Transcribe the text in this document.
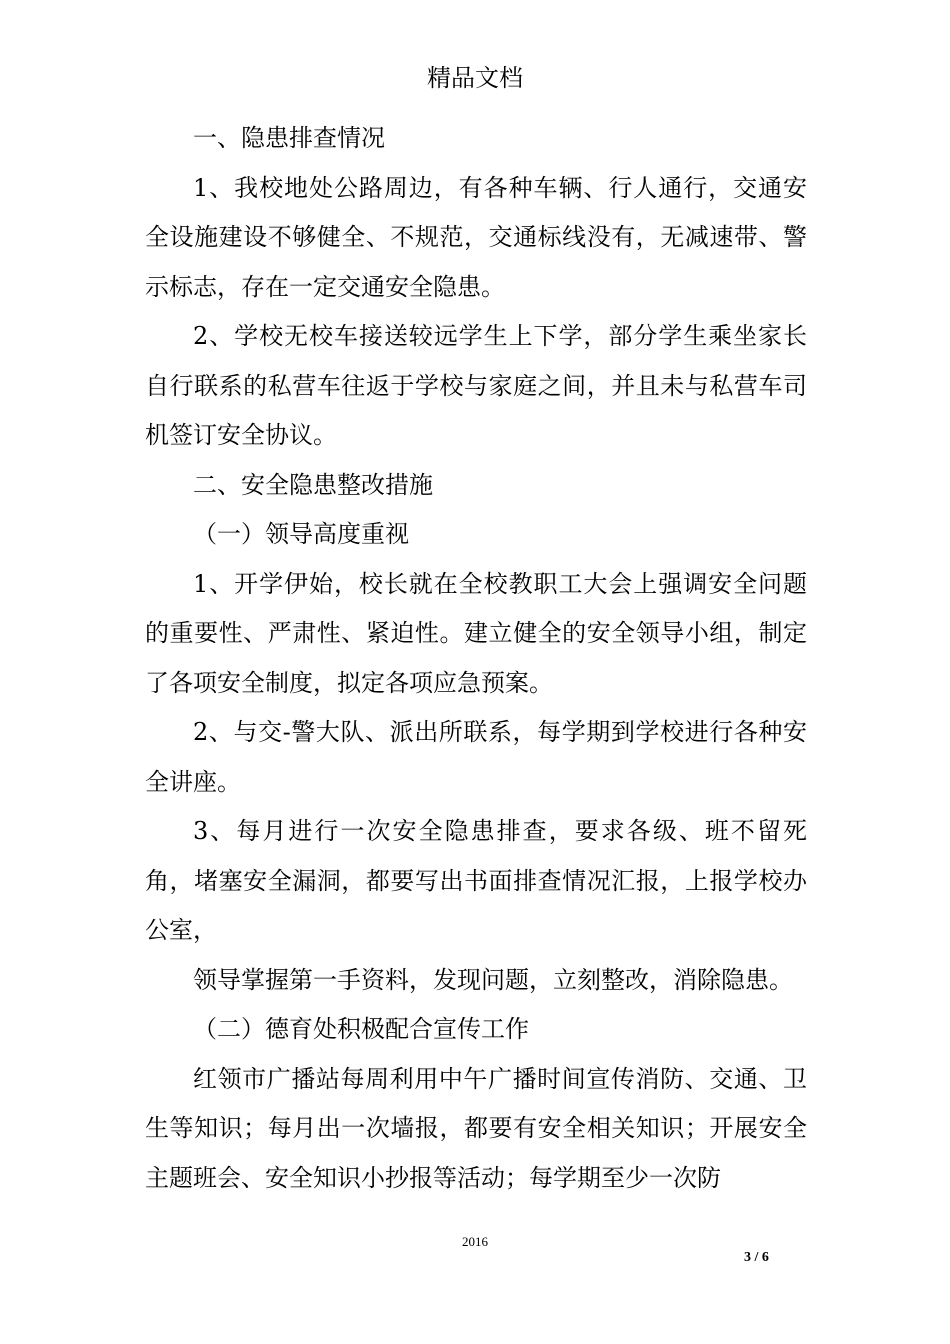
精品文档

一、隐患排查情况

1、我校地处公路周边，有各种车辆、行人通行，交通安全设施建设不够健全、不规范，交通标线没有，无减速带、警示标志，存在一定交通安全隐患。

2、学校无校车接送较远学生上下学，部分学生乘坐家长自行联系的私营车往返于学校与家庭之间，并且未与私营车司机签订安全协议。

二、安全隐患整改措施

（一）领导高度重视

1、开学伊始，校长就在全校教职工大会上强调安全问题的重要性、严肃性、紧迫性。建立健全的安全领导小组，制定了各项安全制度，拟定各项应急预案。

2、与交-警大队、派出所联系，每学期到学校进行各种安全讲座。

3、每月进行一次安全隐患排查，要求各级、班不留死角，堵塞安全漏洞，都要写出书面排查情况汇报，上报学校办公室，

领导掌握第一手资料，发现问题，立刻整改，消除隐患。

（二）德育处积极配合宣传工作

红领市广播站每周利用中午广播时间宣传消防、交通、卫生等知识；每月出一次墙报，都要有安全相关知识；开展安全主题班会、安全知识小抄报等活动；每学期至少一次防

2016
3 / 6
